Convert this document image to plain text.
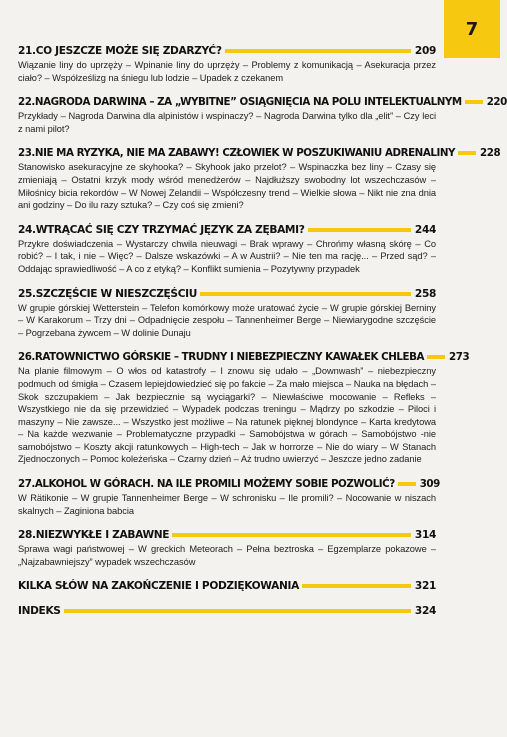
7
21.CO JESZCZE MOŻE SIĘ ZDARZYĆ?	209
Wiązanie liny do uprzęży – Wpinanie liny do uprzęży – Problemy z komunikacją – Asekuracja przez ciało? – Współześlizg na śniegu lub lodzie – Upadek z czekanem
22.NAGRODA DARWINA – ZA „WYBITNE” OSIĄGNIĘCIA NA POLU INTELEKTUALNYM 220
Przykłady – Nagroda Darwina dla alpinistów i wspinaczy? – Nagroda Darwina tylko dla „elit” – Czy leci z nami pilot?
23.NIE MA RYZYKA, NIE MA ZABAWY! CZŁOWIEK W POSZUKIWANIU ADRENALINY 228
Stanowisko asekuracyjne ze skyhooka? – Skyhook jako przelot? – Wspinaczka bez liny – Czasy się zmieniają – Ostatni krzyk mody wśród menedżerów – Najdłuższy swobodny lot wszechczasów – Miłośnicy bicia rekordów – W Nowej Zelandii – Współczesny trend – Wielkie słowa – Nikt nie zna dnia ani godziny – Do ilu razy sztuka? – Czy coś się zmieni?
24.WTRĄCAĆ SIĘ CZY TRZYMAĆ JĘZYK ZA ZĘBAMI?	244
Przykre doświadczenia – Wystarczy chwila nieuwagi – Brak wprawy – Chrońmy własną skórę – Co robić? – I tak, i nie – Więc? – Dalsze wskazówki – A w Austrii? – Nie ten ma rację... – Przed sąd? – Oddając sprawiedliwość – A co z etyką? – Konflikt sumienia – Pozytywny przypadek
25.SZCZĘŚCIE W NIESZCZĘŚCIU	258
W grupie górskiej Wetterstein – Telefon komórkowy może uratować życie – W grupie górskiej Berniny – W Karakorum – Trzy dni – Odpadnięcie zespołu – Tannenheimer Berge – Niewiarygodne szczęście – Pogrzebana żywcem – W dolinie Dunaju
26.RATOWNICTWO GÓRSKIE – TRUDNY I NIEBEZPIECZNY KAWAŁEK CHLEBA 273
Na planie filmowym – O włos od katastrofy – I znowu się udało – „Downwash” – niebezpieczny podmuch od śmigła – Czasem lepiejdowiedzieć się po fakcie – Za mało miejsca – Nauka na błędach – Skok szczupakiem – Jak bezpiecznie są wyciągarki? – Niewłaściwe mocowanie – Refleks – Wszystkiego nie da się przewidzieć – Wypadek podczas treningu – Mądrzy po szkodzie – Piloci i maszyny – Nie zawsze... – Wszystko jest możliwe – Na ratunek pięknej blondynce – Karta kredytowa – Na każde wezwanie – Problematyczne przypadki – Samobójstwa w górach – Samobójstwo -nie samobójstwo – Koszty akcji ratunkowych – High-tech – Jak w horrorze – Nie do wiary – W Stanach Zjednoczonych – Pomoc koleżeńska – Czarny dzień – Aż trudno uwierzyć – Jeszcze jedno zadanie
27.ALKOHOL W GÓRACH. NA ILE PROMILI MOŻEMY SOBIE POZWOLIĆ? 309
W Rätikonie – W grupie Tannenheimer Berge – W schronisku – Ile promili? – Nocowanie w niszach skalnych – Zaginiona babcia
28.NIEZWYKŁE I ZABAWNE	314
Sprawa wagi państwowej – W greckich Meteorach – Pełna beztroska – Egzemplarze pokazowe – „Najzabawniejszy” wypadek wszechczasów
KILKA SŁÓW NA ZAKOŃCZENIE I PODZIĘKOWANIA	321
INDEKS	324
